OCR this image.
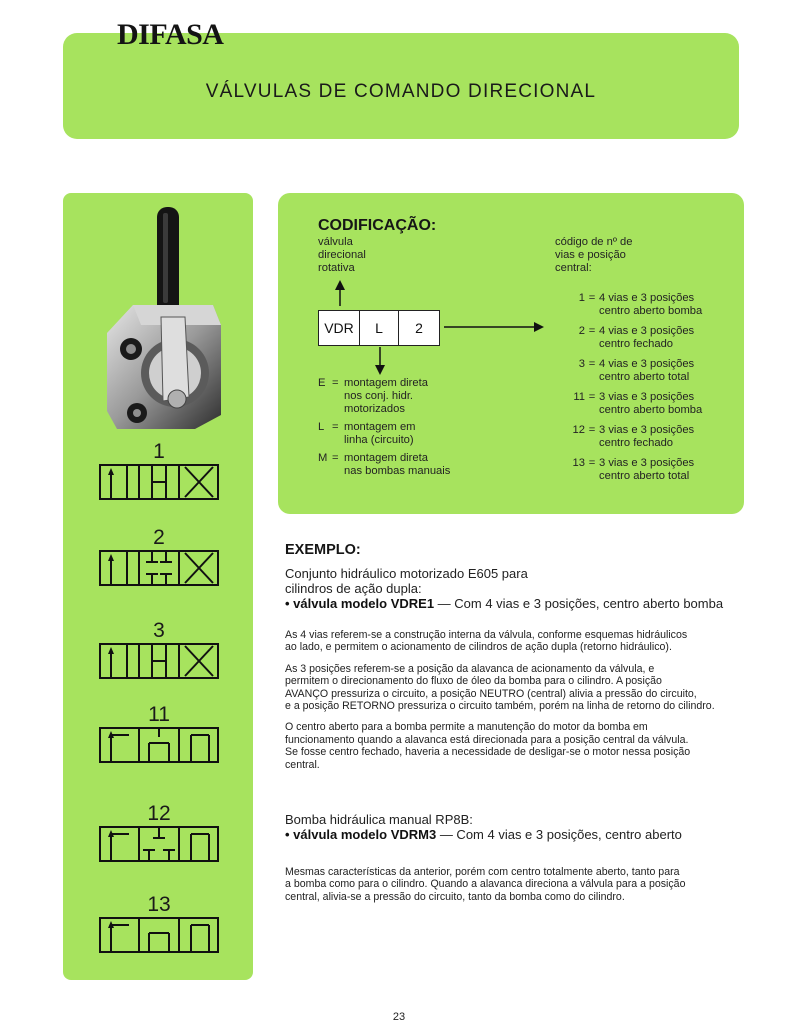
VÁLVULAS DE COMANDO DIRECIONAL
DIFASA
1
2
3
11
12
13
CODIFICAÇÃO:
válvula
direcional
rotativa
código de nº de
vias e posição
central:
VDR	L	2
E = montagem direta
nos conj. hidr.
motorizados
L = montagem em
linha (circuito)
M = montagem direta
nas bombas manuais
1 = 4 vias e 3 posições
centro aberto bomba
2 = 4 vias e 3 posições
centro fechado
3 = 4 vias e 3 posições
centro aberto total
11 = 3 vias e 3 posições
centro aberto bomba
12 = 3 vias e 3 posições
centro fechado
13 = 3 vias e 3 posições
centro aberto total
EXEMPLO:
Conjunto hidráulico motorizado E605 para
cilindros de ação dupla:
• válvula modelo VDRE1 — Com 4 vias e 3 posições, centro aberto bomba
As 4 vias referem-se a construção interna da válvula, conforme esquemas hidráulicos
ao lado, e permitem o acionamento de cilindros de ação dupla (retorno hidráulico).
As 3 posições referem-se a posição da alavanca de acionamento da válvula, e
permitem o direcionamento do fluxo de óleo da bomba para o cilindro. A posição
AVANÇO pressuriza o circuito, a posição NEUTRO (central) alivia a pressão do circuito,
e a posição RETORNO pressuriza o circuito também, porém na linha de retorno do cilindro.
O centro aberto para a bomba permite a manutenção do motor da bomba em
funcionamento quando a alavanca está direcionada para a posição central da válvula.
Se fosse centro fechado, haveria a necessidade de desligar-se o motor nessa posição
central.
Bomba hidráulica manual RP8B:
• válvula modelo VDRM3 — Com 4 vias e 3 posições, centro aberto
Mesmas características da anterior, porém com centro totalmente aberto, tanto para
a bomba como para o cilindro. Quando a alavanca direciona a válvula para a posição
central, alivia-se a pressão do circuito, tanto da bomba como do cilindro.
23
